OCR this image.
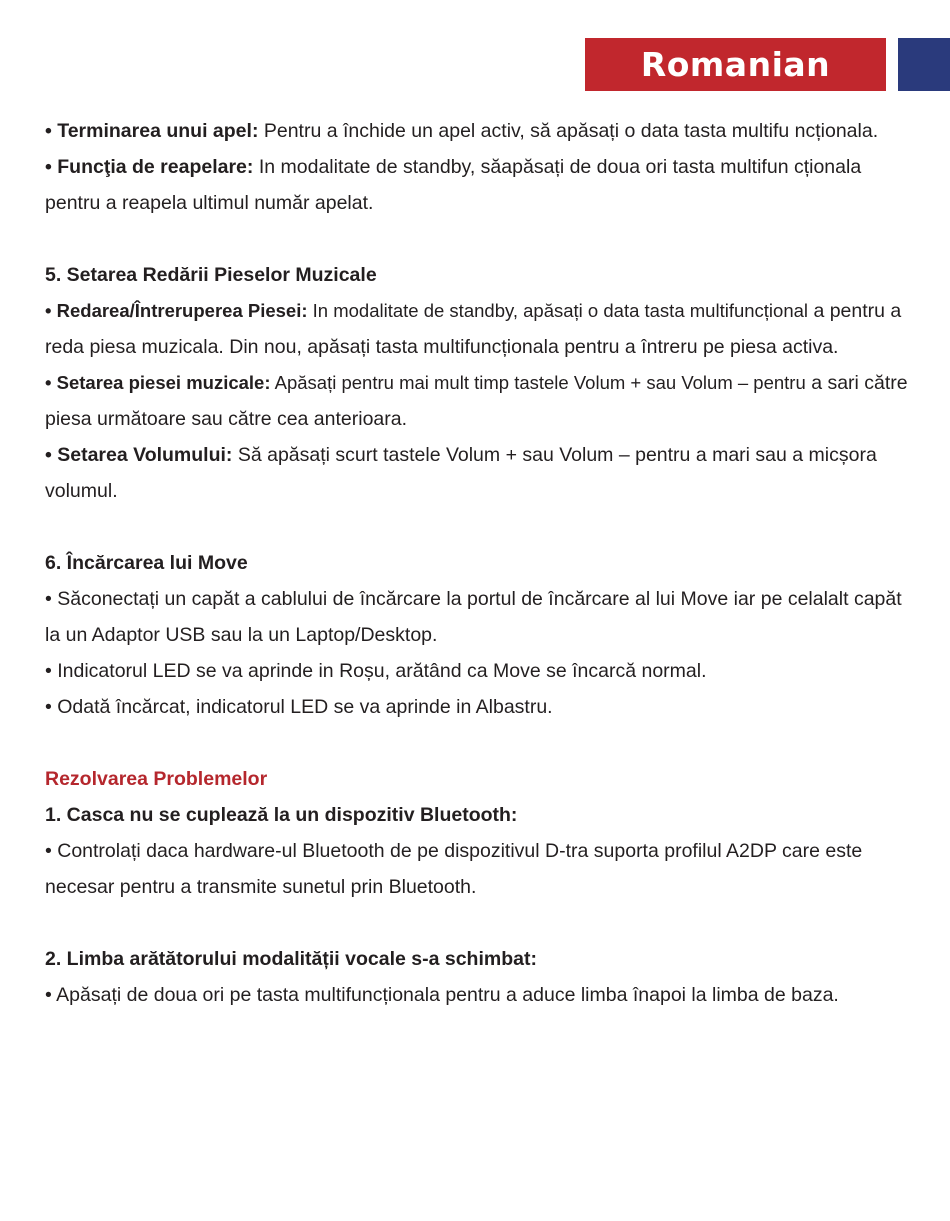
Romanian

• Terminarea unui apel: Pentru a închide un apel activ, să apăsați o data tasta multifu ncționala.

• Funcţia de reapelare: In modalitate de standby, săapăsați de doua ori tasta multifun cționala pentru a reapela ultimul număr apelat.

5. Setarea Redării Pieselor Muzicale

• Redarea/Întreruperea Piesei: In modalitate de standby, apăsați o data tasta multifuncțional a pentru a reda piesa muzicala. Din nou, apăsați tasta multifuncționala pentru a întreru pe piesa activa.

• Setarea piesei muzicale: Apăsați pentru mai mult timp tastele Volum + sau Volum – pentru a sari către piesa următoare sau către cea anterioara.

• Setarea Volumului: Să apăsați scurt tastele Volum + sau Volum – pentru a mari sau a micșora volumul.

6. Încărcarea lui Move

• Săconectați un capăt a cablului de încărcare la portul de încărcare al lui Move iar pe celalalt capăt la un Adaptor USB sau la un Laptop/Desktop.

• Indicatorul LED se va aprinde in Roșu, arătând ca Move se încarcă normal.

• Odată încărcat, indicatorul LED se va aprinde in Albastru.

Rezolvarea Problemelor

1. Casca nu se cuplează la un dispozitiv Bluetooth:

• Controlați daca hardware-ul Bluetooth de pe dispozitivul D-tra suporta profilul A2DP care este necesar pentru a transmite sunetul prin Bluetooth.

2. Limba arătătorului modalității vocale s-a schimbat:

• Apăsați de doua ori pe tasta multifuncționala pentru a aduce limba înapoi la limba de baza.
